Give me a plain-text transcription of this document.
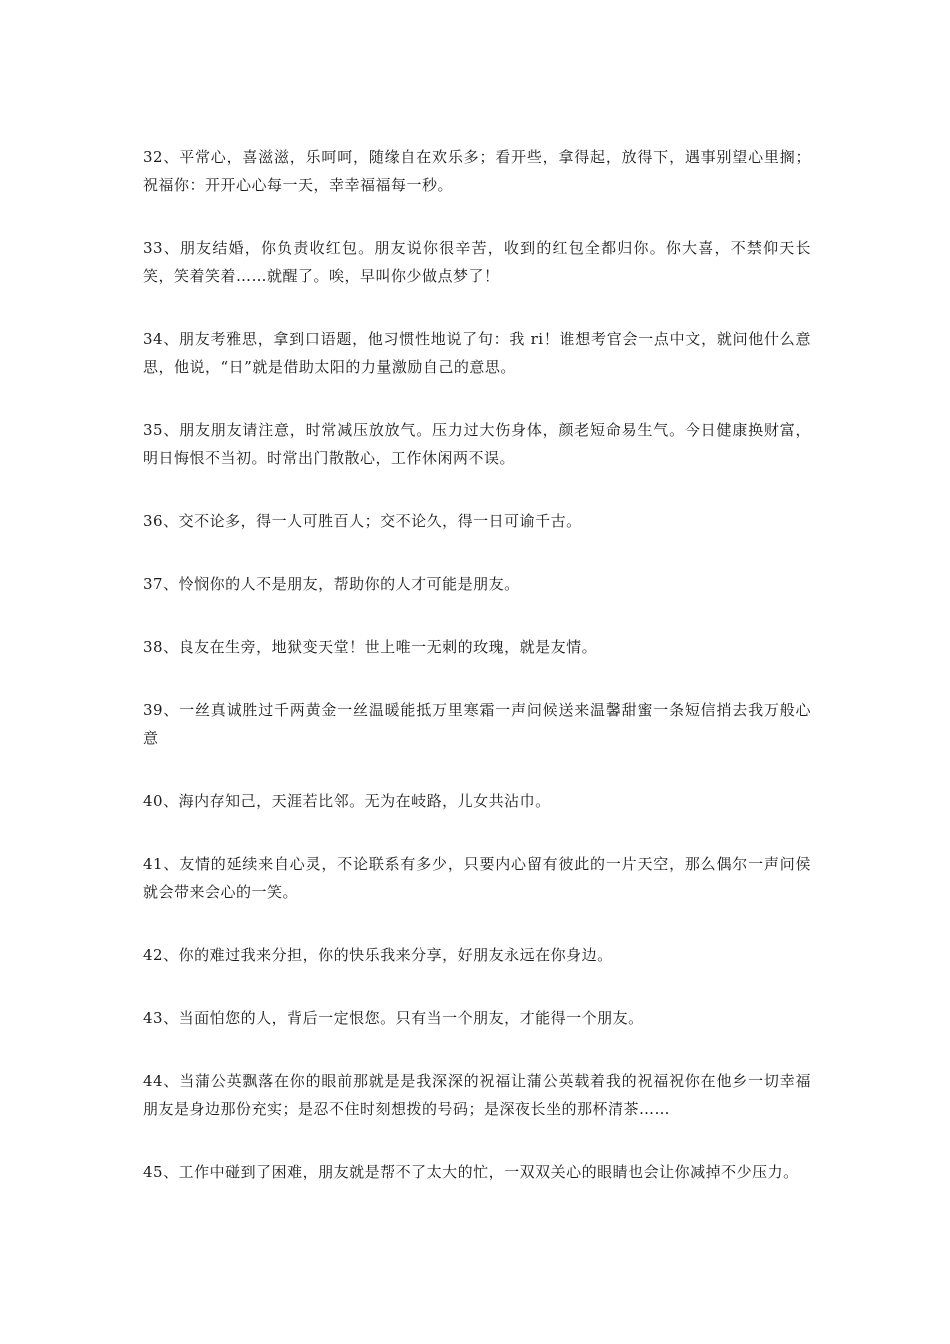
32、平常心，喜滋滋，乐呵呵，随缘自在欢乐多；看开些，拿得起，放得下，遇事别望心里搁；祝福你：开开心心每一天，幸幸福福每一秒。

33、朋友结婚，你负责收红包。朋友说你很辛苦，收到的红包全都归你。你大喜，不禁仰天长笑，笑着笑着……就醒了。唉，早叫你少做点梦了！

34、朋友考雅思，拿到口语题，他习惯性地说了句：我 ri！谁想考官会一点中文，就问他什么意思，他说，“日”就是借助太阳的力量激励自己的意思。

35、朋友朋友请注意，时常减压放放气。压力过大伤身体，颜老短命易生气。今日健康换财富，明日悔恨不当初。时常出门散散心，工作休闲两不误。

36、交不论多，得一人可胜百人；交不论久，得一日可谕千古。

37、怜悯你的人不是朋友，帮助你的人才可能是朋友。

38、良友在生旁，地狱变天堂！世上唯一无刺的玫瑰，就是友情。

39、一丝真诚胜过千两黄金一丝温暖能抵万里寒霜一声问候送来温馨甜蜜一条短信捎去我万般心意

40、海内存知己，天涯若比邻。无为在岐路，儿女共沾巾。

41、友情的延续来自心灵，不论联系有多少，只要内心留有彼此的一片天空，那么偶尔一声问侯就会带来会心的一笑。

42、你的难过我来分担，你的快乐我来分享，好朋友永远在你身边。

43、当面怕您的人，背后一定恨您。只有当一个朋友，才能得一个朋友。

44、当蒲公英飘落在你的眼前那就是是我深深的祝福让蒲公英载着我的祝福祝你在他乡一切幸福朋友是身边那份充实；是忍不住时刻想拨的号码；是深夜长坐的那杯清茶……

45、工作中碰到了困难，朋友就是帮不了太大的忙，一双双关心的眼睛也会让你减掉不少压力。
